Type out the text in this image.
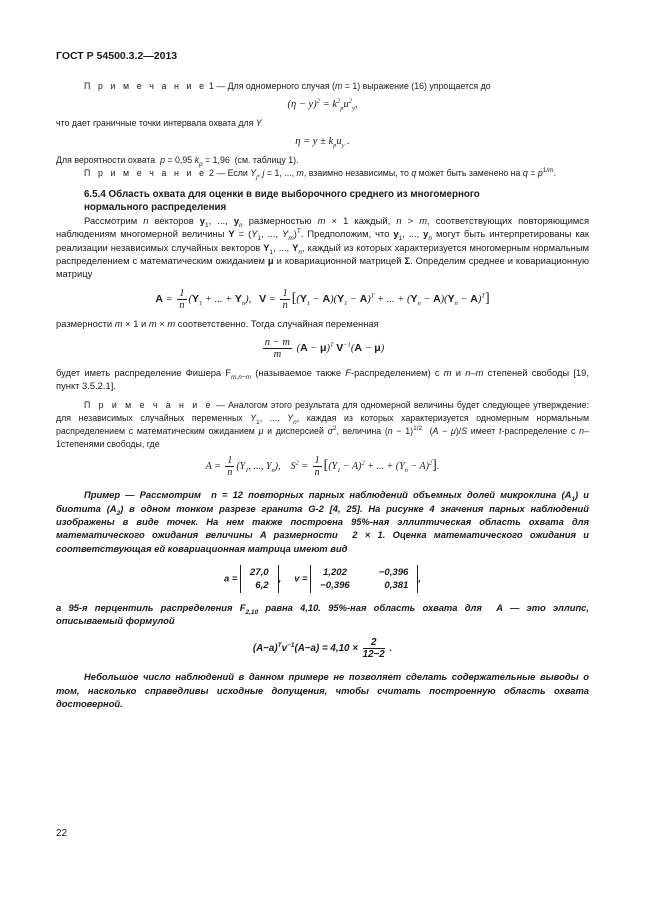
ГОСТ Р 54500.3.2—2013

П р и м е ч а н и е 1 — Для одномерного случая (m = 1) выражение (16) упрощается до

$(\eta - y)^2 = k^2_pu^2_y$,

что дает граничные точки интервала охвата для Y

$\eta = y \pm k_pu_y$ .

Для вероятности охвата  p = 0,95 $k_p = 1,96$  (см. таблицу 1).

П р и м е ч а н и е 2 — Если $Y_j$, j = 1, ..., m, взаимно независимы, то q может быть заменено на $q = p^{1/m}$.

6.5.4 Область охвата для оценки в виде выборочного среднего из многомерного
нормального распределения

Рассмотрим n векторов $y_1$, ..., $y_n$ размерностью m × 1 каждый, n > m, соответствующих повторяющимся наблюдениям многомерной величины $Y = (Y_1$, ..., $Y_m)^T$. Предположим, что $y_1$, ..., $y_n$ могут быть интерпретированы как реализации независимых случайных векторов $Y_1$, ..., $Y_n$, каждый из которых характеризуется многомерным нормальным распределением с математическим ожиданием μ и ковариационной матрицей Σ. Определим среднее и ковариационную матрицу

$A = \frac{1}{n} (Y_1$ + ... + $Y_n$),   $V = \frac{1}{n} [(Y_1 - A)(Y_1 - A)^T$ + ... + $(Y_n - A)(Y_n - A)^T$]

размерности m × 1 и m × m соответственно. Тогда случайная переменная

$\frac{n - m}{m} (A - \mu)^T$ $V^{-1}(A - \mu)$

будет иметь распределение Фишера $F_{m,n-m}$ (называемое также F-распределением) с m и n–m степеней свободы [19, пункт 3.5.2.1].

П р и м е ч а н и е — Аналогом этого результата для одномерной величины будет следующее утверждение: для независимых случайных переменных $Y_1$, ..., $Y_n$, каждая из которых характеризуется одномерным нормальным распределением с математическим ожиданием μ и дисперсией $\sigma^2$, величина $(n - 1)^{1/2}$  (A − μ)/S имеет t-распределение с n–1степенями свободы, где

$A = \frac{1}{n} (Y_1$, ..., $Y_n$),    $S^2 = \frac{1}{n} [(Y_1 - A)^2$ + ... + $(Y_n - A)^2$].

Пример — Рассмотрим  n = 12 повторных парных наблюдений объемных долей микроклина $(A_1)$ и биотита $(A_2)$ в одном тонком разрезе гранита G-2 [4, 25]. На рисунке 4 значения парных наблюдений изображены в виде точек. На нем также построена 95%-ная эллиптическая область охвата для математического ожидания величины A размерности  2 × 1. Оценка математического ожидания и соответствующая ей ковариационная матрица имеют вид

a = 27,0
6,2
, v = 1,202	−0,396
−0,396	0,381
,

а 95-я перцентиль распределения $F_{2,10}$ равна 4,10. 95%-ная область охвата для  A — это эллипс, описываемый формулой

$(A-a)^Tv^{-1}(A-a) = 4,10 \times \frac{2}{12-2}$ .

Небольшое число наблюдений в данном примере не позволяет сделать содержательные выводы о том, насколько справедливы исходные допущения, чтобы считать построенную область охвата достоверной.

22
